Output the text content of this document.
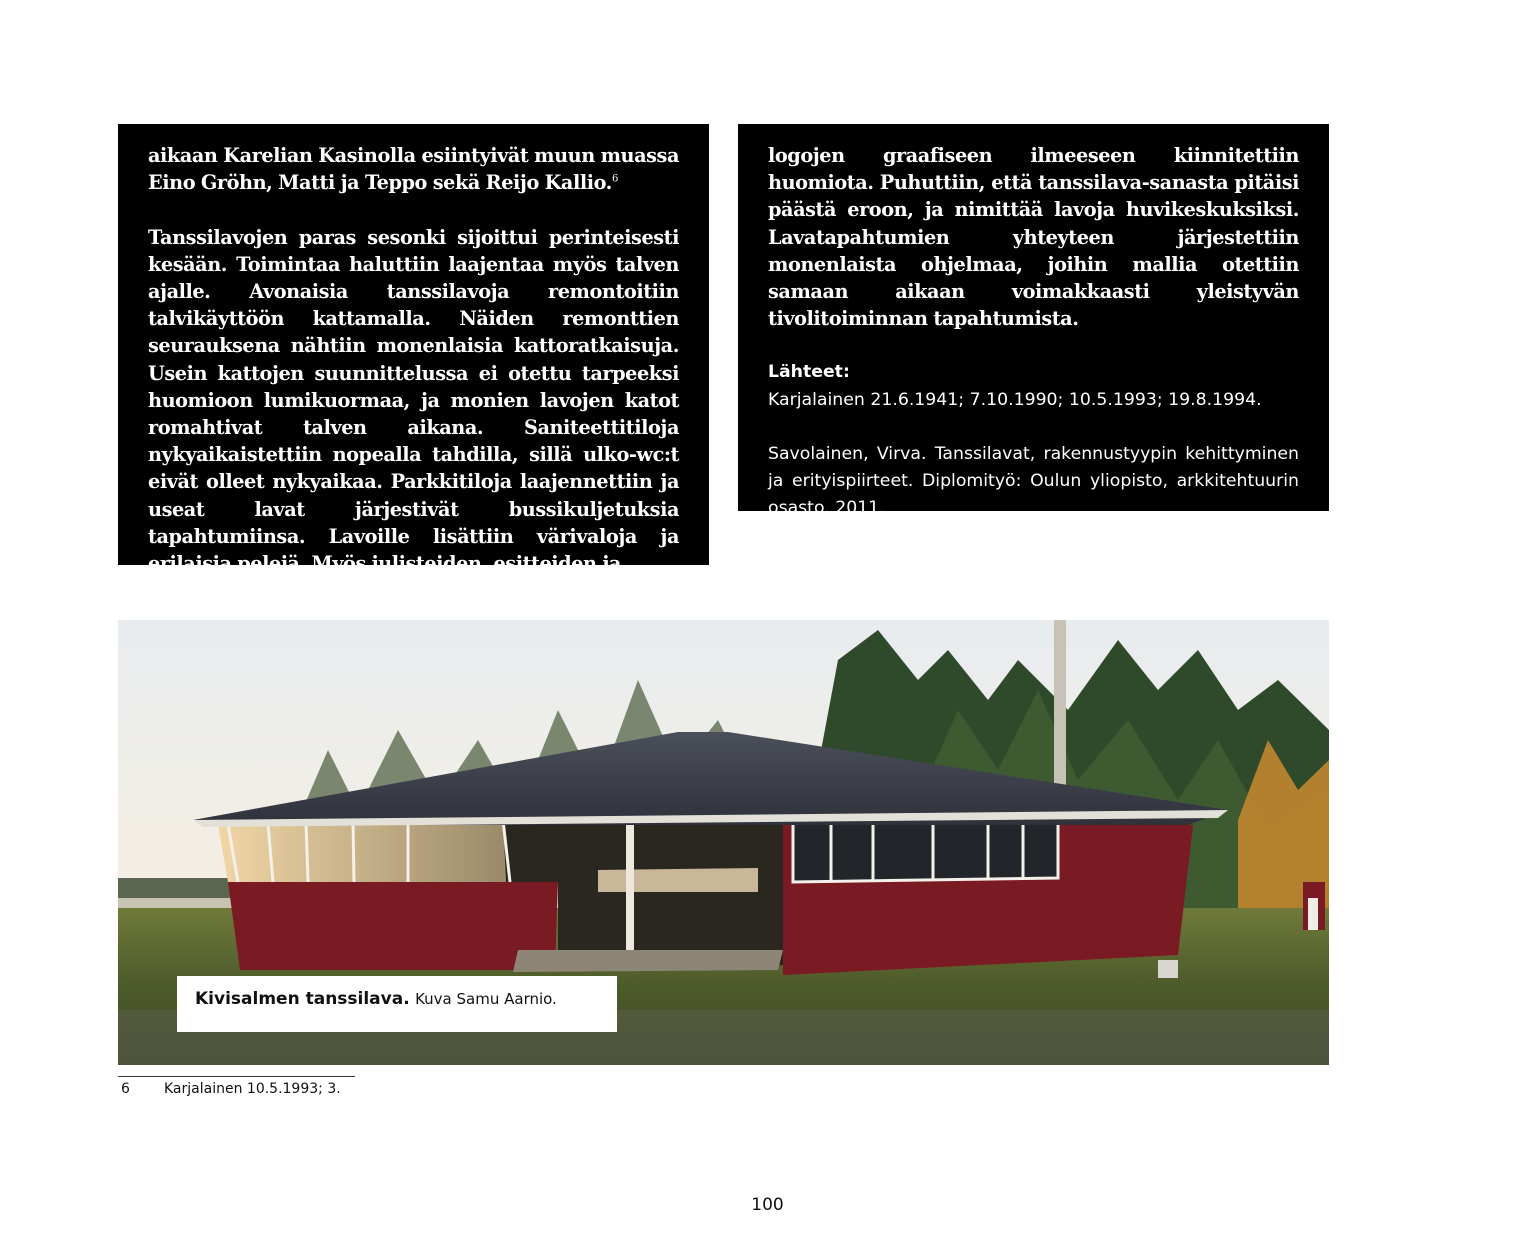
aikaan Karelian Kasinolla esiintyivät muun muassa Eino Gröhn, Matti ja Teppo sekä Reijo Kallio.$^6$

Tanssilavojen paras sesonki sijoittui perinteisesti kesään. Toimintaa haluttiin laajentaa myös talven ajalle. Avonaisia tanssilavoja remontoitiin talvikäyttöön kattamalla. Näiden remonttien seurauksena nähtiin monenlaisia kattoratkaisuja. Usein kattojen suunnittelussa ei otettu tarpeeksi huomioon lumikuormaa, ja monien lavojen katot romahtivat talven aikana. Saniteettitiloja nykyaikaistettiin nopealla tahdilla, sillä ulko-wc:t eivät olleet nykyaikaa. Parkkitiloja laajennettiin ja useat lavat järjestivät bussikuljetuksia tapahtumiinsa. Lavoille lisättiin värivaloja ja erilaisia pelejä. Myös julisteiden, esitteiden ja

logojen graafiseen ilmeeseen kiinnitettiin huomiota. Puhuttiin, että tanssilava-sanasta pitäisi päästä eroon, ja nimittää lavoja huvikeskuksiksi. Lavatapahtumien yhteyteen järjestettiin monenlaista ohjelmaa, joihin mallia otettiin samaan aikaan voimakkaasti yleistyvän tivolitoiminnan tapahtumista.

Lähteet:
Karjalainen 21.6.1941; 7.10.1990; 10.5.1993; 19.8.1994.
Savolainen, Virva. Tanssilavat, rakennustyypin kehittyminen ja erityispiirteet. Diplomityö: Oulun yliopisto, arkkitehtuurin osasto. 2011.
Kivisalmen tanssilava. Kuva Samu Aarnio.
6 Karjalainen 10.5.1993; 3.
100
